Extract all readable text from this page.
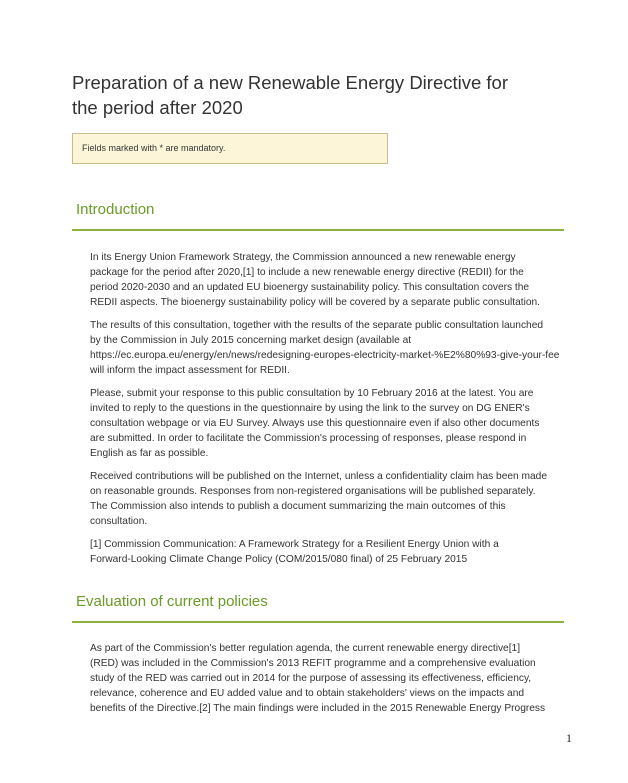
Preparation of a new Renewable Energy Directive for
the period after 2020
Fields marked with * are mandatory.
Introduction

In its Energy Union Framework Strategy, the Commission announced a new renewable energy
package for the period after 2020,[1] to include a new renewable energy directive (REDII) for the
period 2020-2030 and an updated EU bioenergy sustainability policy. This consultation covers the
REDII aspects. The bioenergy sustainability policy will be covered by a separate public consultation.

The results of this consultation, together with the results of the separate public consultation launched
by the Commission in July 2015 concerning market design (available at
https://ec.europa.eu/energy/en/news/redesigning-europes-electricity-market-%E2%80%93-give-your-fee
will inform the impact assessment for REDII.

Please, submit your response to this public consultation by 10 February 2016 at the latest. You are
invited to reply to the questions in the questionnaire by using the link to the survey on DG ENER's
consultation webpage or via EU Survey. Always use this questionnaire even if also other documents
are submitted. In order to facilitate the Commission's processing of responses, please respond in
English as far as possible.

Received contributions will be published on the Internet, unless a confidentiality claim has been made
on reasonable grounds. Responses from non-registered organisations will be published separately.
The Commission also intends to publish a document summarizing the main outcomes of this
consultation.

[1] Commission Communication: A Framework Strategy for a Resilient Energy Union with a
Forward-Looking Climate Change Policy (COM/2015/080 final) of 25 February 2015

Evaluation of current policies

As part of the Commission's better regulation agenda, the current renewable energy directive[1]
(RED) was included in the Commission's 2013 REFIT programme and a comprehensive evaluation
study of the RED was carried out in 2014 for the purpose of assessing its effectiveness, efficiency,
relevance, coherence and EU added value and to obtain stakeholders' views on the impacts and
benefits of the Directive.[2] The main findings were included in the 2015 Renewable Energy Progress

1
